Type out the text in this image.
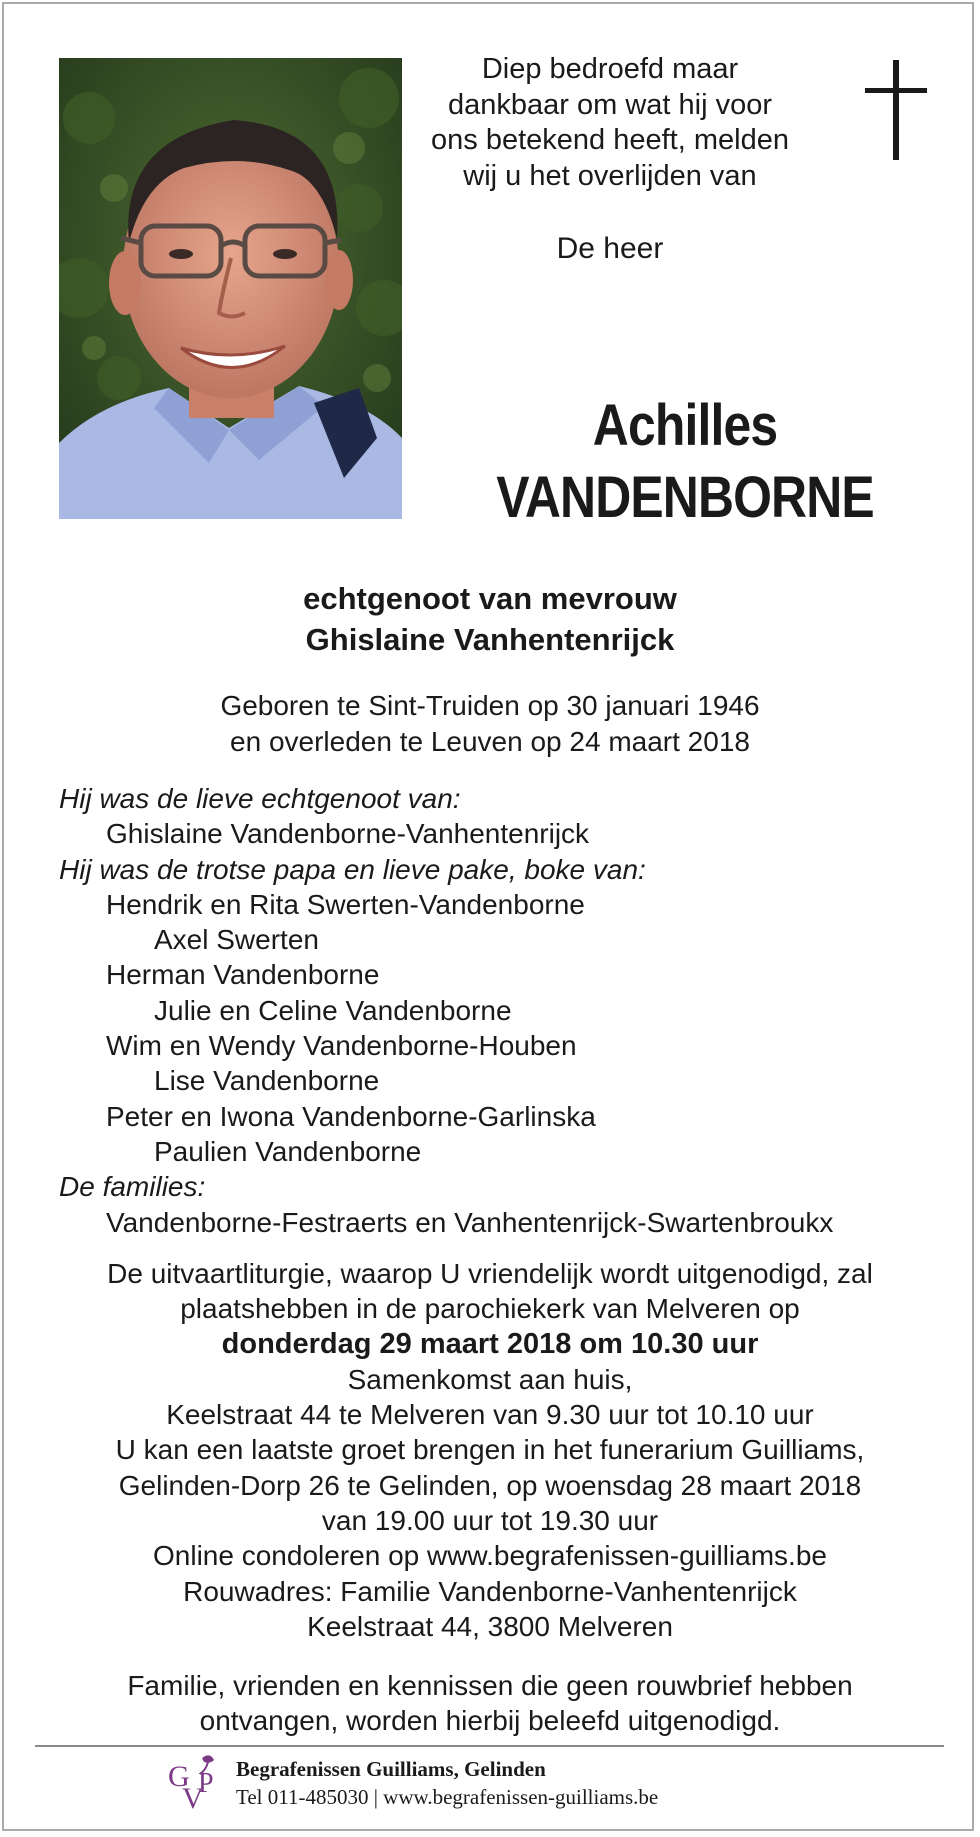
Diep bedroefd maar
dankbaar om wat hij voor
ons betekend heeft, melden
wij u het overlijden van
De heer
Achilles
VANDENBORNE
echtgenoot van mevrouw
Ghislaine Vanhentenrijck
Geboren te Sint-Truiden op 30 januari 1946
en overleden te Leuven op 24 maart 2018
Hij was de lieve echtgenoot van:
Ghislaine Vandenborne-Vanhentenrijck
Hij was de trotse papa en lieve pake, boke van:
Hendrik en Rita Swerten-Vandenborne
Axel Swerten
Herman Vandenborne
Julie en Celine Vandenborne
Wim en Wendy Vandenborne-Houben
Lise Vandenborne
Peter en Iwona Vandenborne-Garlinska
Paulien Vandenborne
De families:
Vandenborne-Festraerts en Vanhentenrijck-Swartenbroukx
De uitvaartliturgie, waarop U vriendelijk wordt uitgenodigd, zal
plaatshebben in de parochiekerk van Melveren op
donderdag 29 maart 2018 om 10.30 uur
Samenkomst aan huis,
Keelstraat 44 te Melveren van 9.30 uur tot 10.10 uur
U kan een laatste groet brengen in het funerarium Guilliams,
Gelinden-Dorp 26 te Gelinden, op woensdag 28 maart 2018
van 19.00 uur tot 19.30 uur
Online condoleren op www.begrafenissen-guilliams.be
Rouwadres: Familie Vandenborne-Vanhentenrijck
Keelstraat 44, 3800 Melveren
Familie, vrienden en kennissen die geen rouwbrief hebben
ontvangen, worden hierbij beleefd uitgenodigd.
G
V
P Begrafenissen Guilliams, Gelinden
Tel 011-485030 | www.begrafenissen-guilliams.be
